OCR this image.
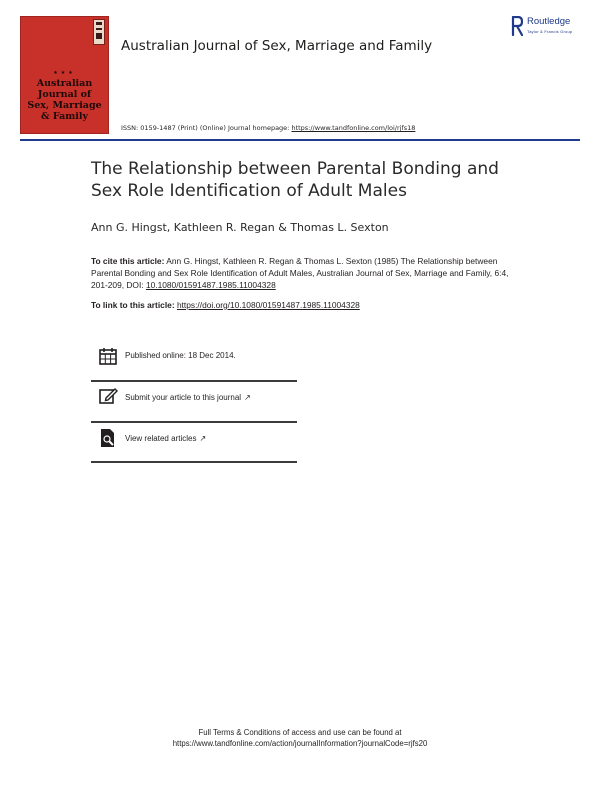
★★★
Australian
Journal of
Sex, Marriage
& Family
Australian Journal of Sex, Marriage and Family
Routledge
Taylor & Francis Group
ISSN: 0159-1487 (Print) (Online) Journal homepage: https://www.tandfonline.com/loi/rjfs18
The Relationship between Parental Bonding and Sex Role Identification of Adult Males
Ann G. Hingst, Kathleen R. Regan & Thomas L. Sexton
To cite this article: Ann G. Hingst, Kathleen R. Regan & Thomas L. Sexton (1985) The Relationship between Parental Bonding and Sex Role Identification of Adult Males, Australian Journal of Sex, Marriage and Family, 6:4, 201-209, DOI: 10.1080/01591487.1985.11004328
To link to this article: https://doi.org/10.1080/01591487.1985.11004328
Published online: 18 Dec 2014.
Submit your article to this journal ↗
View related articles ↗
Full Terms & Conditions of access and use can be found at
https://www.tandfonline.com/action/journalInformation?journalCode=rjfs20
